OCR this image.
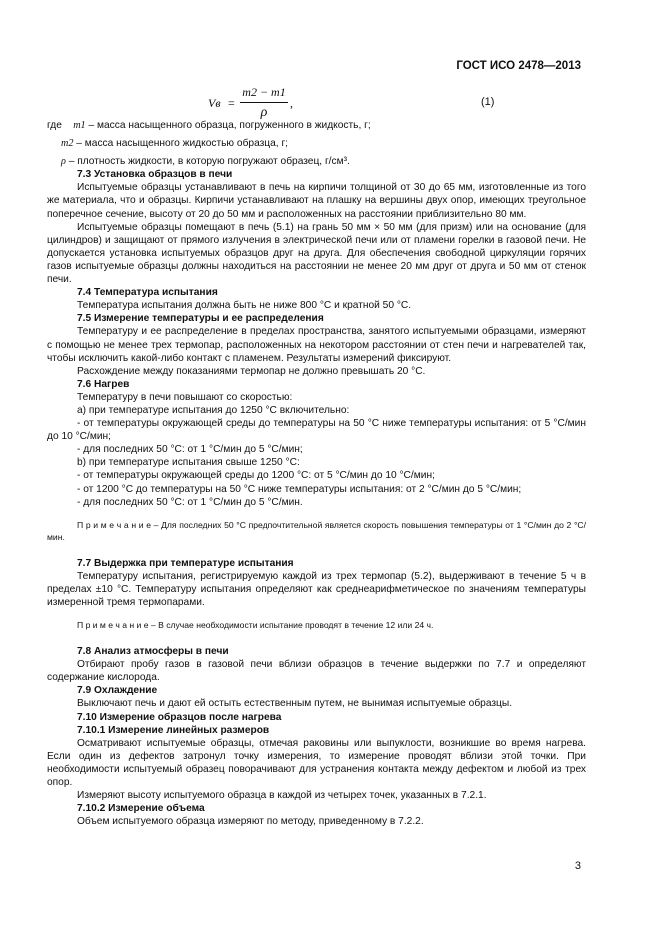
ГОСТ ИСО 2478—2013
Vв =
m2 − m1
ρ
,	(1)

где m1 – масса насыщенного образца, погруженного в жидкость, г;

m2 – масса насыщенного жидкостью образца, г;

ρ – плотность жидкости, в которую погружают образец, г/см³.

7.3 Установка образцов в печи

Испытуемые образцы устанавливают в печь на кирпичи толщиной от 30 до 65 мм, изготовленные из того же материала, что и образцы. Кирпичи устанавливают на плашку на вершины двух опор, имеющих треугольное поперечное сечение, высоту от 20 до 50 мм и расположенных на расстоянии приблизительно 80 мм.

Испытуемые образцы помещают в печь (5.1) на грань 50 мм × 50 мм (для призм) или на основание (для цилиндров) и защищают от прямого излучения в электрической печи или от пламени горелки в газовой печи. Не допускается установка испытуемых образцов друг на друга. Для обеспечения свободной циркуляции горячих газов испытуемые образцы должны находиться на расстоянии не менее 20 мм друг от друга и 50 мм от стенок печи.

7.4 Температура испытания

Температура испытания должна быть не ниже 800 °С и кратной 50 °С.

7.5 Измерение температуры и ее распределения

Температуру и ее распределение в пределах пространства, занятого испытуемыми образцами, измеряют с помощью не менее трех термопар, расположенных на некотором расстоянии от стен печи и нагревателей так, чтобы исключить какой-либо контакт с пламенем. Результаты измерений фиксируют.

Расхождение между показаниями термопар не должно превышать 20 °С.

7.6 Нагрев

Температуру в печи повышают со скоростью:

а) при температуре испытания до 1250 °С включительно:

- от температуры окружающей среды до температуры на 50 °С ниже температуры испытания: от 5 °С/мин до 10 °С/мин;

- для последних 50 °С: от 1 °С/мин до 5 °С/мин;

b) при температуре испытания свыше 1250 °С:

- от температуры окружающей среды до 1200 °С: от 5 °С/мин до 10 °С/мин;

- от 1200 °С до температуры на 50 °С ниже температуры испытания: от 2 °С/мин до 5 °С/мин;

- для последних 50 °С: от 1 °С/мин до 5 °С/мин.

П р и м е ч а н и е – Для последних 50 °С предпочтительной является скорость повышения температуры от 1 °С/мин до 2 °С/мин.

7.7 Выдержка при температуре испытания

Температуру испытания, регистрируемую каждой из трех термопар (5.2), выдерживают в течение 5 ч в пределах ±10 °С. Температуру испытания определяют как среднеарифметическое по значениям температуры измеренной тремя термопарами.

П р и м е ч а н и е – В случае необходимости испытание проводят в течение 12 или 24 ч.

7.8 Анализ атмосферы в печи

Отбирают пробу газов в газовой печи вблизи образцов в течение выдержки по 7.7 и определяют содержание кислорода.

7.9 Охлаждение

Выключают печь и дают ей остыть естественным путем, не вынимая испытуемые образцы.

7.10 Измерение образцов после нагрева

7.10.1 Измерение линейных размеров

Осматривают испытуемые образцы, отмечая раковины или выпуклости, возникшие во время нагрева. Если один из дефектов затронул точку измерения, то измерение проводят вблизи этой точки. При необходимости испытуемый образец поворачивают для устранения контакта между дефектом и любой из трех опор.

Измеряют высоту испытуемого образца в каждой из четырех точек, указанных в 7.2.1.

7.10.2 Измерение объема

Объем испытуемого образца измеряют по методу, приведенному в 7.2.2.

3
